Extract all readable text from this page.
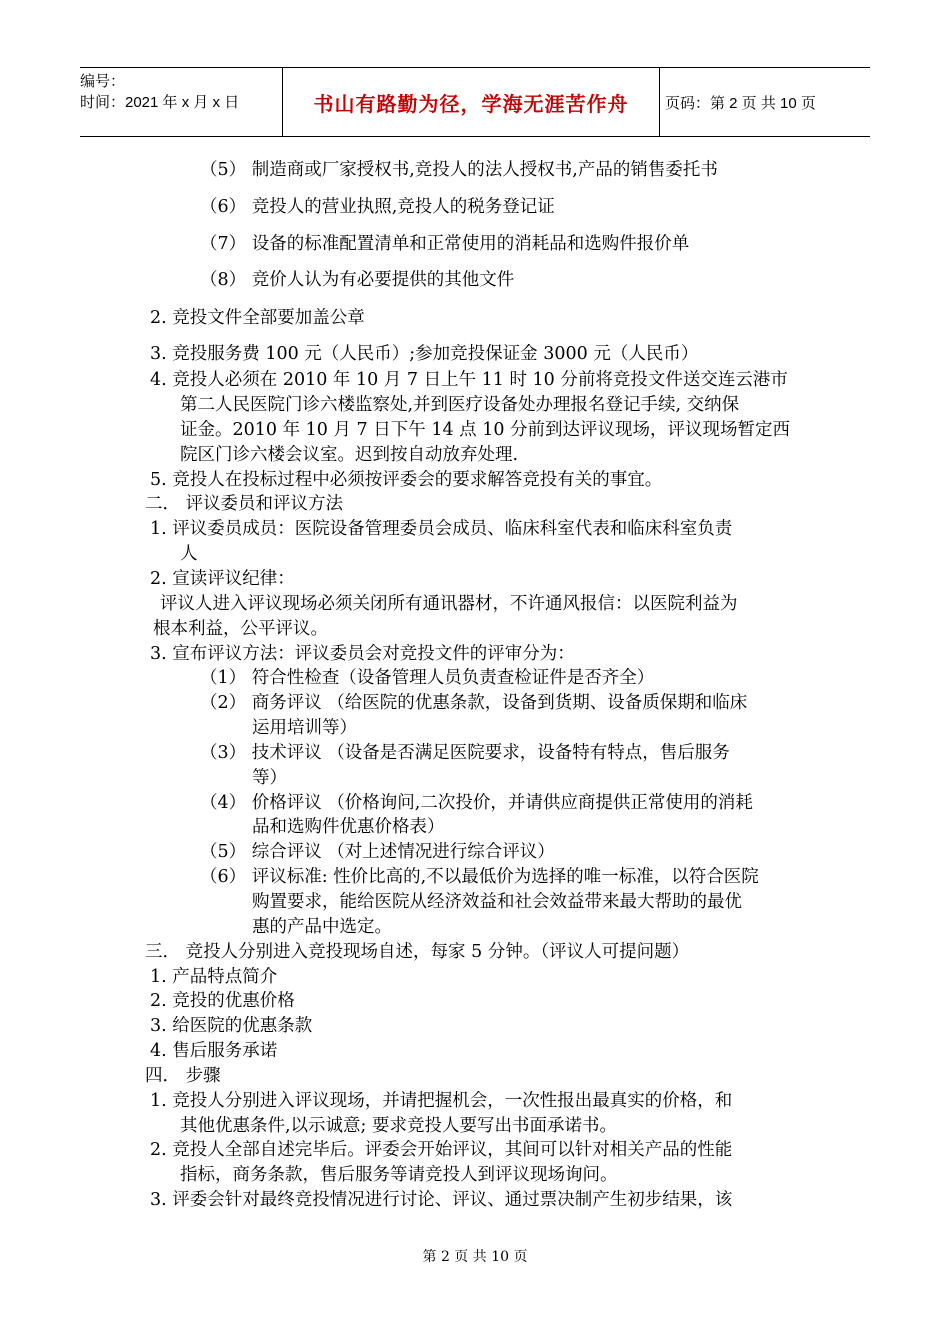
编号：
时间：2021 年 x 月 x 日	书山有路勤为径，学海无涯苦作舟 页码：第 2 页 共 10 页
（5） 制造商或厂家授权书,竞投人的法人授权书,产品的销售委托书
（6） 竞投人的营业执照,竞投人的税务登记证
（7） 设备的标准配置清单和正常使用的消耗品和选购件报价单
（8） 竞价人认为有必要提供的其他文件
2. 竞投文件全部要加盖公章
3. 竞投服务费 100 元（人民币）;参加竞投保证金 3000 元（人民币）
4. 竞投人必须在 2010 年 10 月 7 日上午 11 时 10 分前将竞投文件送交连云港市
第二人民医院门诊六楼监察处,并到医疗设备处办理报名登记手续, 交纳保
证金。2010 年 10 月 7 日下午 14 点 10 分前到达评议现场，评议现场暂定西
院区门诊六楼会议室。迟到按自动放弃处理.
5. 竞投人在投标过程中必须按评委会的要求解答竞投有关的事宜。
二． 评议委员和评议方法
1. 评议委员成员：医院设备管理委员会成员、临床科室代表和临床科室负责
人
2. 宣读评议纪律：
评议人进入评议现场必须关闭所有通讯器材，不许通风报信：以医院利益为
根本利益，公平评议。
3. 宣布评议方法：评议委员会对竞投文件的评审分为：
（1） 符合性检查（设备管理人员负责查检证件是否齐全）
（2） 商务评议 （给医院的优惠条款，设备到货期、设备质保期和临床
运用培训等）
（3） 技术评议 （设备是否满足医院要求，设备特有特点，售后服务
等）
（4） 价格评议 （价格询问,二次投价，并请供应商提供正常使用的消耗
品和选购件优惠价格表）
（5） 综合评议 （对上述情况进行综合评议）
（6） 评议标准: 性价比高的,不以最低价为选择的唯一标准，以符合医院
购置要求，能给医院从经济效益和社会效益带来最大帮助的最优
惠的产品中选定。
三． 竞投人分别进入竞投现场自述，每家 5 分钟。（评议人可提问题）
1. 产品特点简介
2. 竞投的优惠价格
3. 给医院的优惠条款
4. 售后服务承诺
四． 步骤
1. 竞投人分别进入评议现场，并请把握机会，一次性报出最真实的价格，和
其他优惠条件,以示诚意; 要求竞投人要写出书面承诺书。
2. 竞投人全部自述完毕后。评委会开始评议，其间可以针对相关产品的性能
指标，商务条款，售后服务等请竞投人到评议现场询问。
3. 评委会针对最终竞投情况进行讨论、评议、通过票决制产生初步结果，该
第 2 页 共 10 页
